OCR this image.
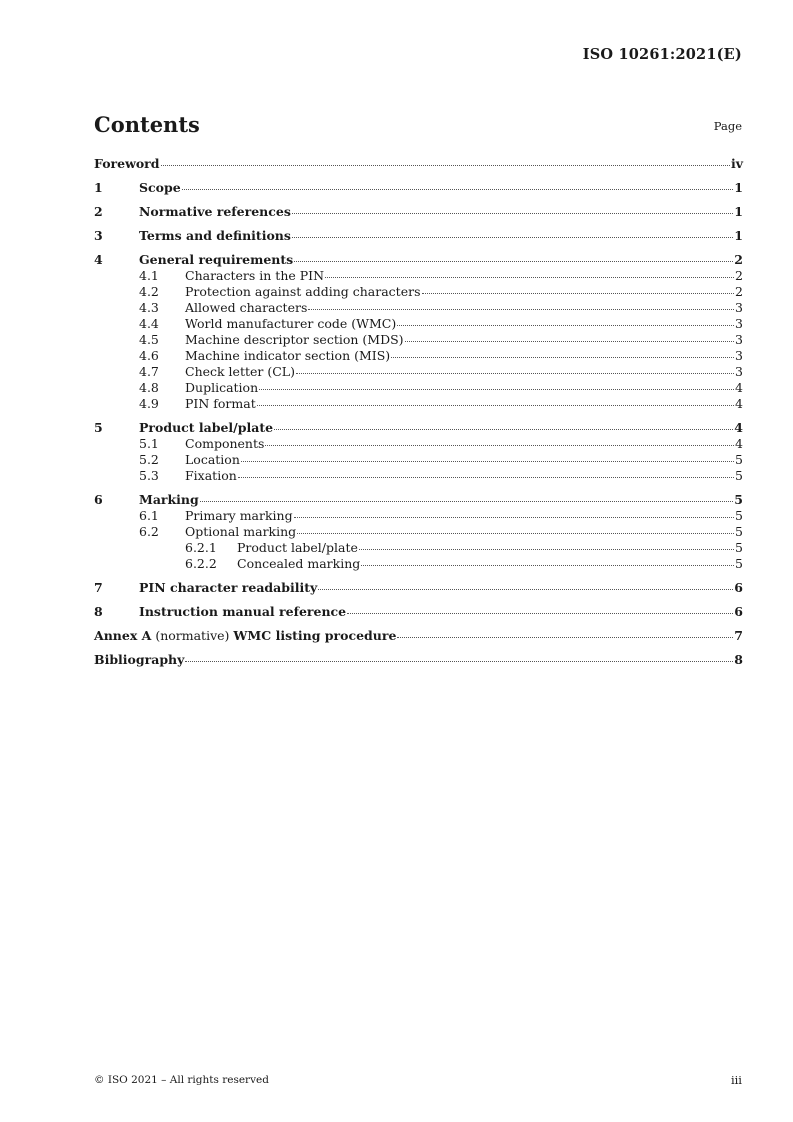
ISO 10261:2021(E)
Contents	Page
Foreword	iv
1	Scope	1
2	Normative references	1
3	Terms and definitions	1
4	General requirements	2
4.1	Characters in the PIN	2
4.2	Protection against adding characters	2
4.3	Allowed characters	3
4.4	World manufacturer code (WMC)	3
4.5	Machine descriptor section (MDS)	3
4.6	Machine indicator section (MIS)	3
4.7	Check letter (CL)	3
4.8	Duplication	4
4.9	PIN format	4
5	Product label/plate	4
5.1	Components	4
5.2	Location	5
5.3	Fixation	5
6	Marking	5
6.1	Primary marking	5
6.2	Optional marking	5
6.2.1	Product label/plate	5
6.2.2	Concealed marking	5
7	PIN character readability	6
8	Instruction manual reference	6
Annex A (normative) WMC listing procedure	7
Bibliography	8
© ISO 2021 – All rights reserved	iii
